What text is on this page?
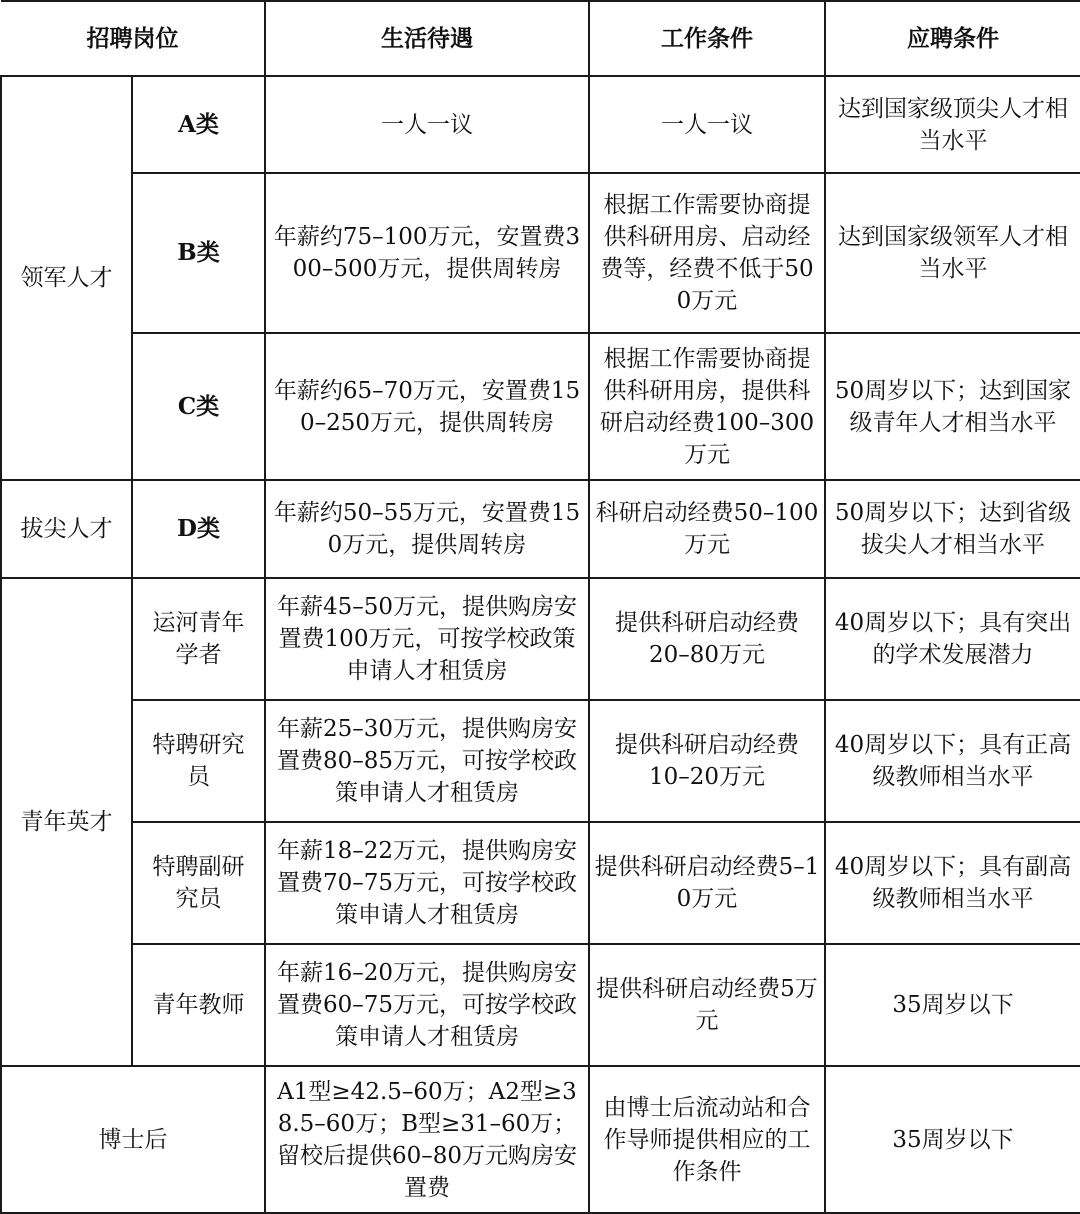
招聘岗位		生活待遇	工作条件	应聘条件
领军人才	A类	一人一议	一人一议	达到国家级顶尖人才相当水平
	B类	年薪约75–100万元，安置费300–500万元，提供周转房	根据工作需要协商提供科研用房、启动经费等，经费不低于500万元	达到国家级领军人才相当水平
	C类	年薪约65–70万元，安置费150–250万元，提供周转房	根据工作需要协商提供科研用房，提供科研启动经费100–300万元	50周岁以下；达到国家级青年人才相当水平
拔尖人才	D类	年薪约50–55万元，安置费150万元，提供周转房	科研启动经费50–100万元	50周岁以下；达到省级拔尖人才相当水平
青年英才	运河青年学者	年薪45–50万元，提供购房安置费100万元，可按学校政策申请人才租赁房	提供科研启动经费20–80万元	40周岁以下；具有突出的学术发展潜力
	特聘研究员	年薪25–30万元，提供购房安置费80–85万元，可按学校政策申请人才租赁房	提供科研启动经费10–20万元	40周岁以下；具有正高级教师相当水平
	特聘副研究员	年薪18–22万元，提供购房安置费70–75万元，可按学校政策申请人才租赁房	提供科研启动经费5–10万元	40周岁以下；具有副高级教师相当水平
	青年教师	年薪16–20万元，提供购房安置费60–75万元，可按学校政策申请人才租赁房	提供科研启动经费5万元	35周岁以下
博士后		A1型≥42.5–60万；A2型≥38.5–60万；B型≥31–60万；留校后提供60–80万元购房安置费	由博士后流动站和合作导师提供相应的工作条件	35周岁以下
